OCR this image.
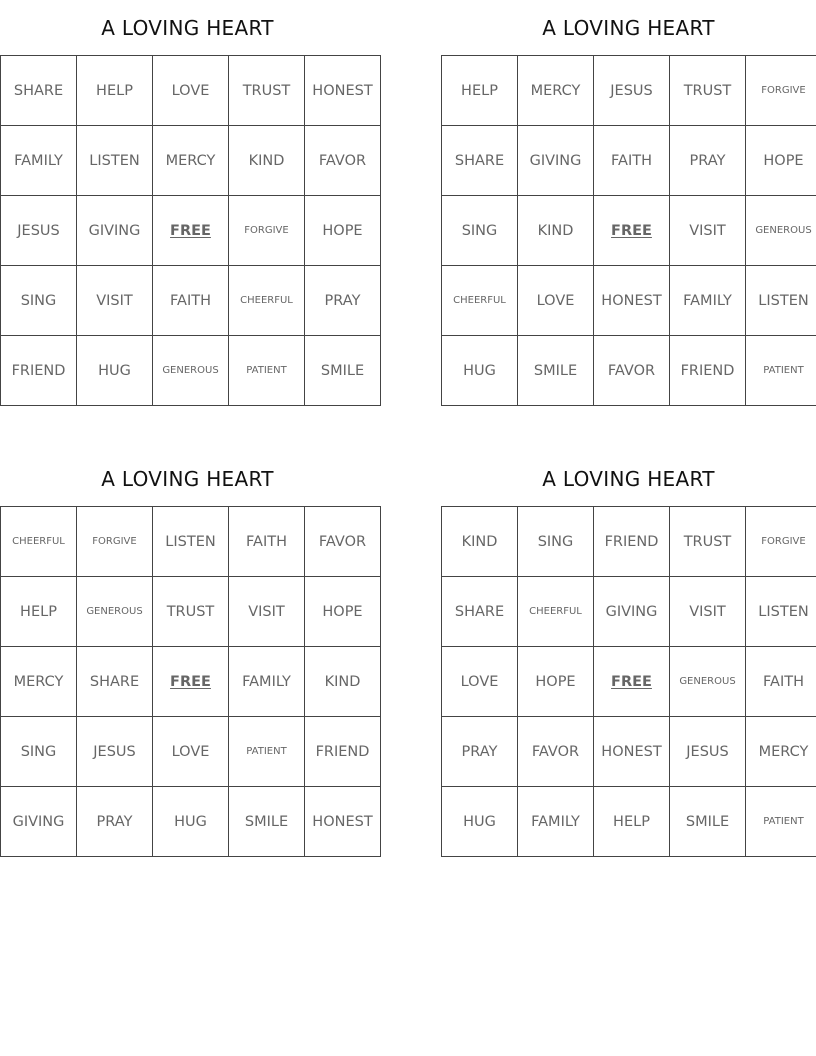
A LOVING HEART
SHARE	HELP	LOVE	TRUST	HONEST
FAMILY	LISTEN	MERCY	KIND	FAVOR
JESUS	GIVING	FREE	FORGIVE	HOPE
SING	VISIT	FAITH	CHEERFUL	PRAY
FRIEND	HUG	GENEROUS	PATIENT	SMILE
A LOVING HEART
HELP	MERCY	JESUS	TRUST	FORGIVE
SHARE	GIVING	FAITH	PRAY	HOPE
SING	KIND	FREE	VISIT	GENEROUS
CHEERFUL	LOVE	HONEST	FAMILY	LISTEN
HUG	SMILE	FAVOR	FRIEND	PATIENT
A LOVING HEART
CHEERFUL	FORGIVE	LISTEN	FAITH	FAVOR
HELP	GENEROUS	TRUST	VISIT	HOPE
MERCY	SHARE	FREE	FAMILY	KIND
SING	JESUS	LOVE	PATIENT	FRIEND
GIVING	PRAY	HUG	SMILE	HONEST
A LOVING HEART
KIND	SING	FRIEND	TRUST	FORGIVE
SHARE	CHEERFUL	GIVING	VISIT	LISTEN
LOVE	HOPE	FREE	GENEROUS	FAITH
PRAY	FAVOR	HONEST	JESUS	MERCY
HUG	FAMILY	HELP	SMILE	PATIENT
